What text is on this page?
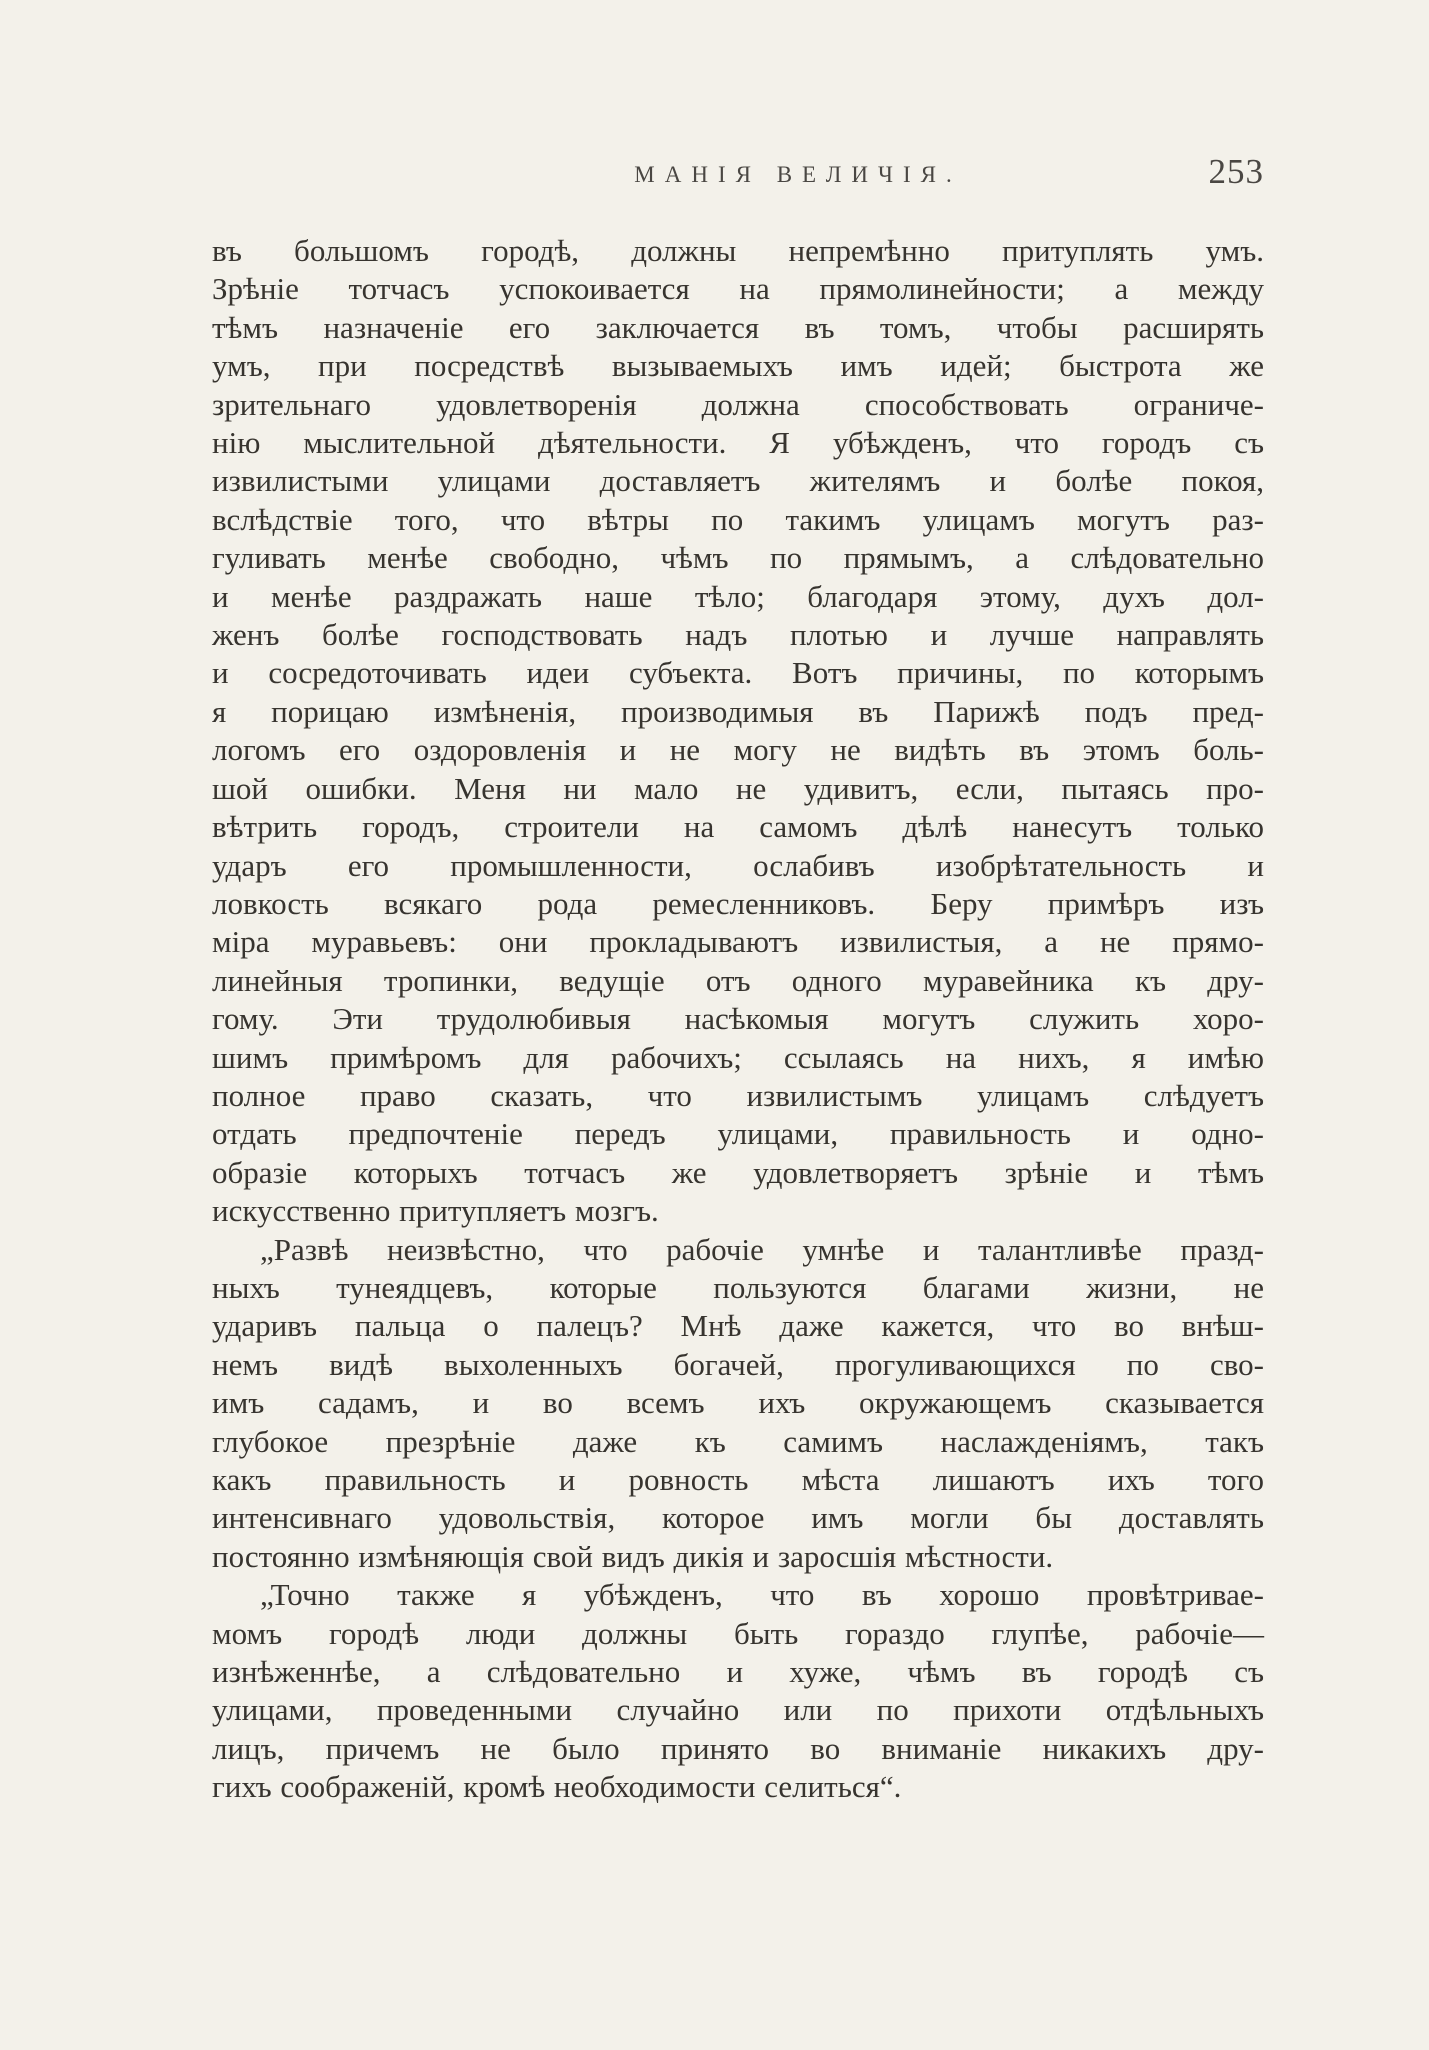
МАНІЯ ВЕЛИЧІЯ.	253

въ большомъ городѣ, должны непремѣнно притуплять умъ.
Зрѣніе тотчасъ успокоивается на прямолинейности; а между
тѣмъ назначеніе его заключается въ томъ, чтобы расширять
умъ, при посредствѣ вызываемыхъ имъ идей; быстрота же
зрительнаго удовлетворенія должна способствовать ограниче-
нію мыслительной дѣятельности. Я убѣжденъ, что городъ съ
извилистыми улицами доставляетъ жителямъ и болѣе покоя,
вслѣдствіе того, что вѣтры по такимъ улицамъ могутъ раз-
гуливать менѣе свободно, чѣмъ по прямымъ, а слѣдовательно
и менѣе раздражать наше тѣло; благодаря этому, духъ дол-
женъ болѣе господствовать надъ плотью и лучше направлять
и сосредоточивать идеи субъекта. Вотъ причины, по которымъ
я порицаю измѣненія, производимыя въ Парижѣ подъ пред-
логомъ его оздоровленія и не могу не видѣть въ этомъ боль-
шой ошибки. Меня ни мало не удивитъ, если, пытаясь про-
вѣтрить городъ, строители на самомъ дѣлѣ нанесутъ только
ударъ его промышленности, ослабивъ изобрѣтательность и
ловкость всякаго рода ремесленниковъ. Беру примѣръ изъ
міра муравьевъ: они прокладываютъ извилистыя, а не прямо-
линейныя тропинки, ведущіе отъ одного муравейника къ дру-
гому. Эти трудолюбивыя насѣкомыя могутъ служить хоро-
шимъ примѣромъ для рабочихъ; ссылаясь на нихъ, я имѣю
полное право сказать, что извилистымъ улицамъ слѣдуетъ
отдать предпочтеніе передъ улицами, правильность и одно-
образіе которыхъ тотчасъ же удовлетворяетъ зрѣніе и тѣмъ
искусственно притупляетъ мозгъ.

„Развѣ неизвѣстно, что рабочіе умнѣе и талантливѣе празд-
ныхъ тунеядцевъ, которые пользуются благами жизни, не
ударивъ пальца о палецъ? Мнѣ даже кажется, что во внѣш-
немъ видѣ выхоленныхъ богачей, прогуливающихся по сво-
имъ садамъ, и во всемъ ихъ окружающемъ сказывается
глубокое презрѣніе даже къ самимъ наслажденіямъ, такъ
какъ правильность и ровность мѣста лишаютъ ихъ того
интенсивнаго удовольствія, которое имъ могли бы доставлять
постоянно измѣняющія свой видъ дикія и заросшія мѣстности.

„Точно также я убѣжденъ, что въ хорошо провѣтривае-
момъ городѣ люди должны быть гораздо глупѣе, рабочіе—
изнѣженнѣе, а слѣдовательно и хуже, чѣмъ въ городѣ съ
улицами, проведенными случайно или по прихоти отдѣльныхъ
лицъ, причемъ не было принято во вниманіе никакихъ дру-
гихъ соображеній, кромѣ необходимости селиться“.
